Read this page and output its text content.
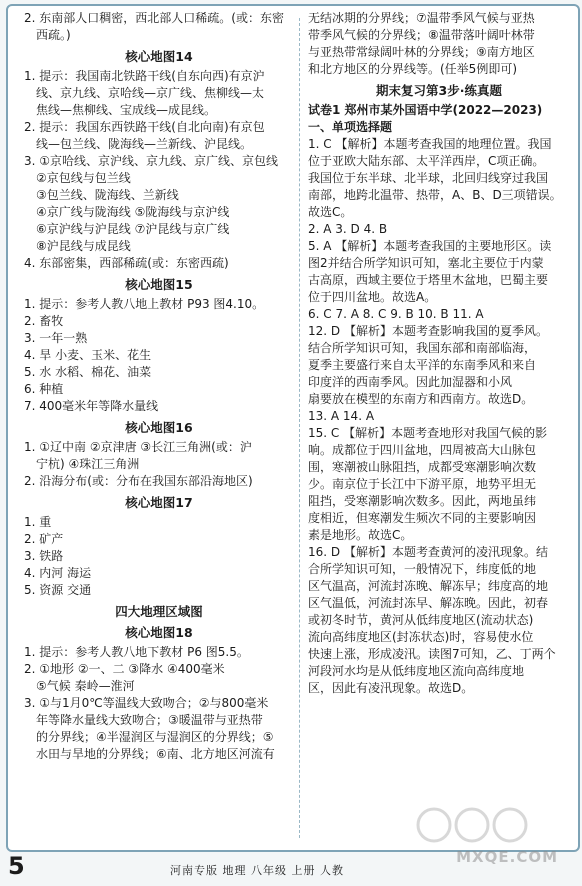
2. 东南部人口稠密，西北部人口稀疏。(或：东密
西疏。)
核心地图14
1. 提示：我国南北铁路干线(自东向西)有京沪
线、京九线、京哈线—京广线、焦柳线—太
焦线—焦柳线、宝成线—成昆线。
2. 提示：我国东西铁路干线(自北向南)有京包
线—包兰线、陇海线—兰新线、沪昆线。
3. ①京哈线、京沪线、京九线、京广线、京包线
②京包线与包兰线
③包兰线、陇海线、兰新线
④京广线与陇海线 ⑤陇海线与京沪线
⑥京沪线与沪昆线 ⑦沪昆线与京广线
⑧沪昆线与成昆线
4. 东部密集，西部稀疏(或：东密西疏)
核心地图15
1. 提示：参考人教八地上教材 P93 图4.10。
2. 畜牧
3. 一年一熟
4. 旱 小麦、玉米、花生
5. 水 水稻、棉花、油菜
6. 种植
7. 400毫米年等降水量线
核心地图16
1. ①辽中南 ②京津唐 ③长江三角洲(或：沪
宁杭) ④珠江三角洲
2. 沿海分布(或：分布在我国东部沿海地区)
核心地图17
1. 重
2. 矿产
3. 铁路
4. 内河 海运
5. 资源 交通
四大地理区域图
核心地图18
1. 提示：参考人教八地下教材 P6 图5.5。
2. ①地形 ②一、二 ③降水 ④400毫米
⑤气候 秦岭—淮河
3. ①与1月0℃等温线大致吻合；②与800毫米
年等降水量线大致吻合；③暖温带与亚热带
的分界线；④半湿润区与湿润区的分界线；⑤
水田与旱地的分界线；⑥南、北方地区河流有
无结冰期的分界线；⑦温带季风气候与亚热
带季风气候的分界线；⑧温带落叶阔叶林带
与亚热带常绿阔叶林的分界线；⑨南方地区
和北方地区的分界线等。(任举5例即可)
期末复习第3步·练真题
试卷1 郑州市某外国语中学(2022—2023)
一、单项选择题
1. C 【解析】本题考查我国的地理位置。我国
位于亚欧大陆东部、太平洋西岸，C项正确。
我国位于东半球、北半球，北回归线穿过我国
南部，地跨北温带、热带，A、B、D三项错误。
故选C。
2. A 3. D 4. B
5. A 【解析】本题考查我国的主要地形区。读
图2并结合所学知识可知，塞北主要位于内蒙
古高原，西域主要位于塔里木盆地，巴蜀主要
位于四川盆地。故选A。
6. C 7. A 8. C 9. B 10. B 11. A
12. D 【解析】本题考查影响我国的夏季风。
结合所学知识可知，我国东部和南部临海，
夏季主要盛行来自太平洋的东南季风和来自
印度洋的西南季风。因此加湿器和小风
扇要放在模型的东南方和西南方。故选D。
13. A 14. A
15. C 【解析】本题考查地形对我国气候的影
响。成都位于四川盆地，四周被高大山脉包
围，寒潮被山脉阻挡，成都受寒潮影响次数
少。南京位于长江中下游平原，地势平坦无
阻挡，受寒潮影响次数多。因此，两地虽纬
度相近，但寒潮发生频次不同的主要影响因
素是地形。故选C。
16. D 【解析】本题考查黄河的凌汛现象。结
合所学知识可知，一般情况下，纬度低的地
区气温高，河流封冻晚、解冻早；纬度高的地
区气温低，河流封冻早、解冻晚。因此，初春
或初冬时节，黄河从低纬度地区(流动状态)
流向高纬度地区(封冻状态)时，容易使水位
快速上涨，形成凌汛。读图7可知，乙、丁两个
河段河水均是从低纬度地区流向高纬度地
区，因此有凌汛现象。故选D。
MXQE.COM
5	河南专版 地理 八年级 上册 人教
